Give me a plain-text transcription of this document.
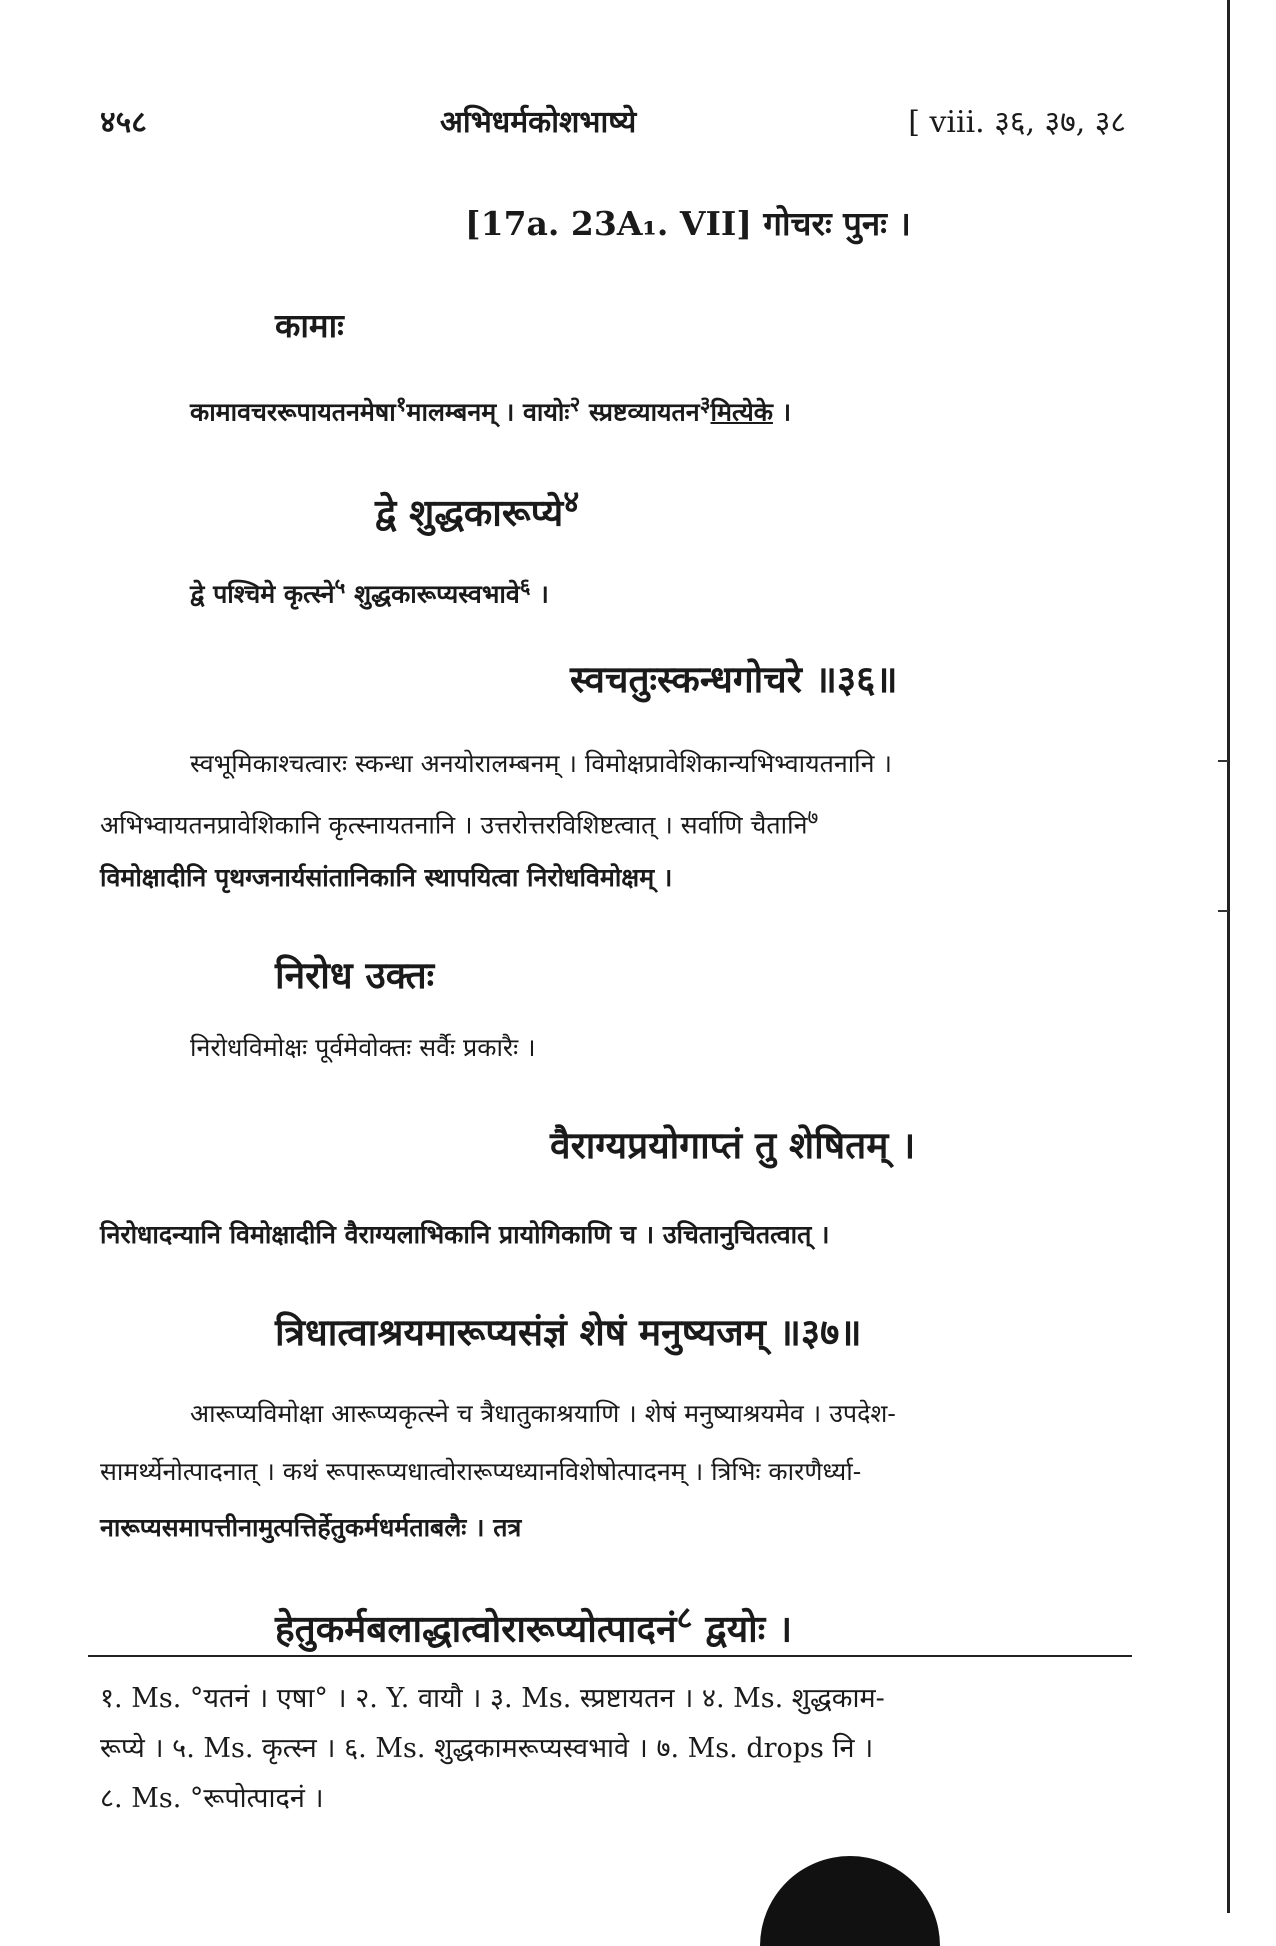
४५८	अभिधर्मकोशभाष्ये	[ viii. ३६, ३७, ३८
[17a. 23A₁. VII] गोचरः पुनः ।
कामाः
कामावचररूपायतनमेषा$^१$मालम्बनम् । वायोः$^२$ स्प्रष्टव्यायतन$^३$मित्येके ।
द्वे शुद्धकारूप्ये$^४$
द्वे पश्चिमे कृत्स्ने$^५$ शुद्धकारूप्यस्वभावे$^६$ ।
स्वचतुःस्कन्धगोचरे ॥३६॥
स्वभूमिकाश्चत्वारः स्कन्धा अनयोरालम्बनम् । विमोक्षप्रावेशिकान्यभिभ्वायतनानि ।
अभिभ्वायतनप्रावेशिकानि कृत्स्नायतनानि । उत्तरोत्तरविशिष्टत्वात् । सर्वाणि चैतानि$^७$
विमोक्षादीनि पृथग्जनार्यसांतानिकानि स्थापयित्वा निरोधविमोक्षम् ।
निरोध उक्तः
निरोधविमोक्षः पूर्वमेवोक्तः सर्वैः प्रकारैः ।
वैराग्यप्रयोगाप्तं तु शेषितम् ।
निरोधादन्यानि विमोक्षादीनि वैराग्यलाभिकानि प्रायोगिकाणि च । उचितानुचितत्वात् ।
त्रिधात्वाश्रयमारूप्यसंज्ञं शेषं मनुष्यजम् ॥३७॥
आरूप्यविमोक्षा आरूप्यकृत्स्ने च त्रैधातुकाश्रयाणि । शेषं मनुष्याश्रयमेव । उपदेश-
सामर्थ्येनोत्पादनात् । कथं रूपारूप्यधात्वोरारूप्यध्यानविशेषोत्पादनम् । त्रिभिः कारणैर्ध्या-
नारूप्यसमापत्तीनामुत्पत्तिर्हेतुकर्मधर्मताबलैः । तत्र
हेतुकर्मबलाद्धात्वोरारूप्योत्पादनं$^८$ द्वयोः ।
१. Ms. °यतनं । एषा° । २. Y. वायौ । ३. Ms. स्प्रष्टायतन । ४. Ms. शुद्धकाम-
रूप्ये । ५. Ms. कृत्स्न । ६. Ms. शुद्धकामरूप्यस्वभावे । ७. Ms. drops नि ।
८. Ms. °रूपोत्पादनं ।
